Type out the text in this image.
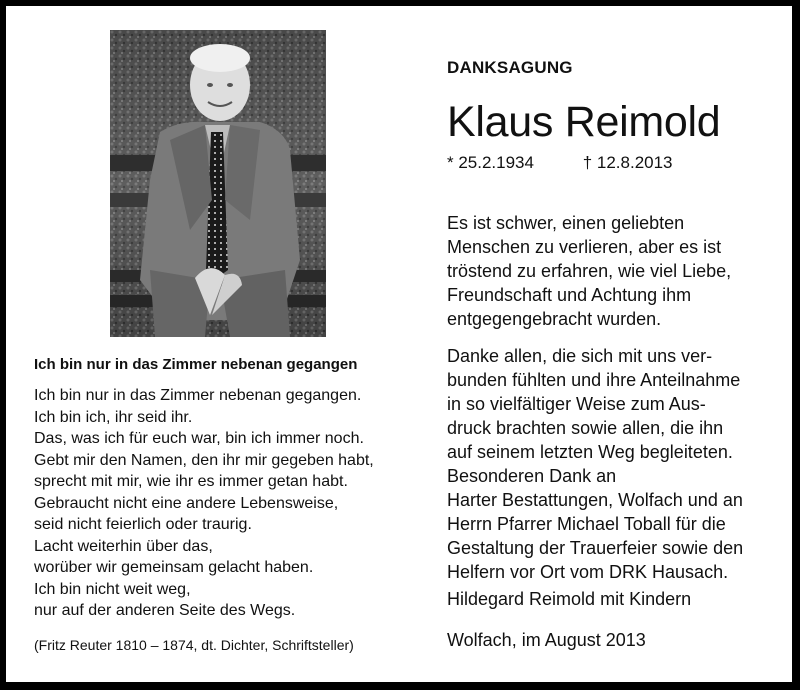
Ich bin nur in das Zimmer nebenan gegangen
Ich bin nur in das Zimmer nebenan gegangen.
Ich bin ich, ihr seid ihr.
Das, was ich für euch war, bin ich immer noch.
Gebt mir den Namen, den ihr mir gegeben habt,
sprecht mit mir, wie ihr es immer getan habt.
Gebraucht nicht eine andere Lebensweise,
seid nicht feierlich oder traurig.
Lacht weiterhin über das,
worüber wir gemeinsam gelacht haben.
Ich bin nicht weit weg,
nur auf der anderen Seite des Wegs.
(Fritz Reuter 1810 – 1874, dt. Dichter, Schriftsteller)
DANKSAGUNG
Klaus Reimold
* 25.2.1934	† 12.8.2013
Es ist schwer, einen geliebten
Menschen zu verlieren, aber es ist
tröstend zu erfahren, wie viel Liebe,
Freundschaft und Achtung ihm
entgegengebracht wurden.
Danke allen, die sich mit uns ver-
bunden fühlten und ihre Anteilnahme
in so vielfältiger Weise zum Aus-
druck brachten sowie allen, die ihn
auf seinem letzten Weg begleiteten.
Besonderen Dank an
Harter Bestattungen, Wolfach und an
Herrn Pfarrer Michael Toball für die
Gestaltung der Trauerfeier sowie den
Helfern vor Ort vom DRK Hausach.
Hildegard Reimold mit Kindern
Wolfach, im August 2013
